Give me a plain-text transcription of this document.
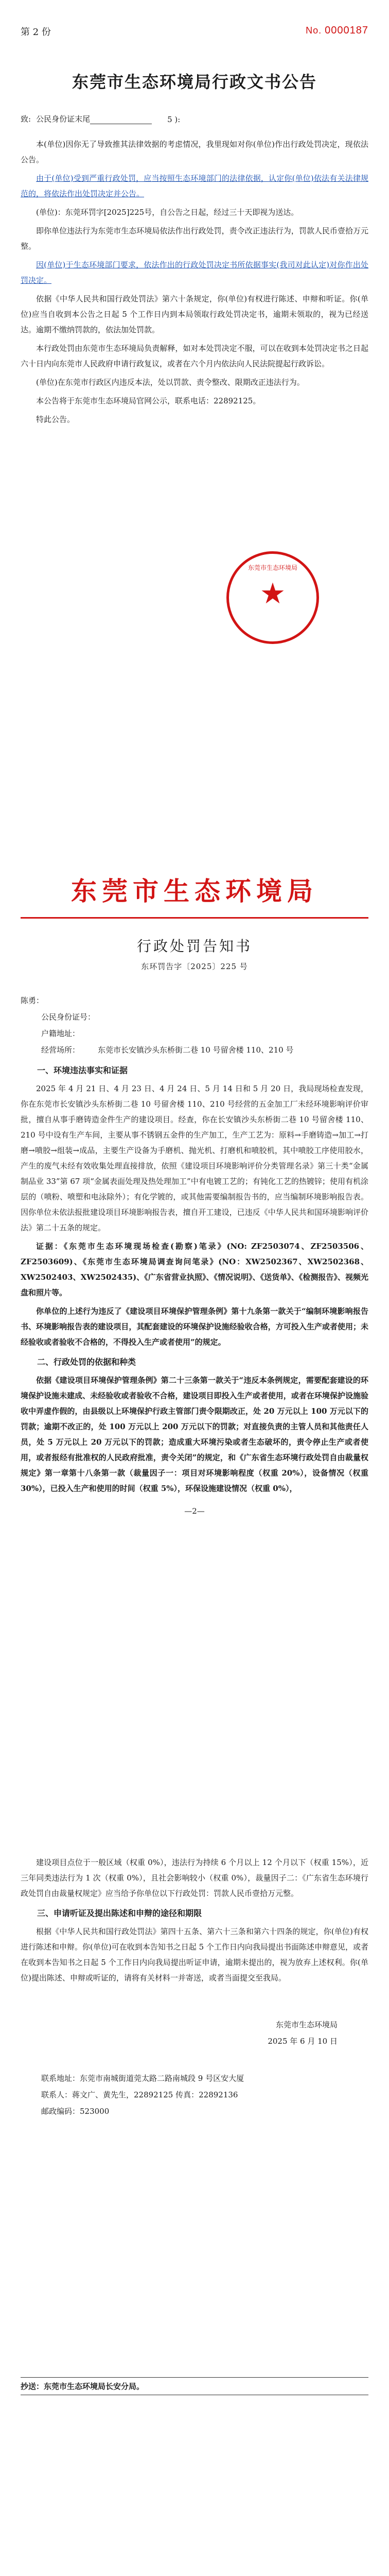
第 2 份	No. 0000187
东莞市生态环境局行政文书公告
致: 公民身份证末尾	5 ):

本(单位)因你无了导致推其法律效据的考虑情况，我里现如对你(单位)作出行政处罚决定，现依法公告。

由于(单位)受到严重行政处罚，应当按照生态环境部门的法律依据，认定你(单位)依法有关法律规范的，将依法作出处罚决定并公告。

(单位)：东莞环罚字[2025]225号，自公告之日起，经过三十天即视为送达。

即你单位违法行为东莞市生态环境局依法作出行政处罚，责令改正违法行为，罚款人民币壹拾万元整。

因(单位)于生态环境部门要求，依法作出的行政处罚决定书所依据事实(我司对此认定)对你作出处罚决定。

依据《中华人民共和国行政处罚法》第六十条规定，你(单位)有权进行陈述、申辩和听证。你(单位)应当自收到本公告之日起 5 个工作日内到本局领取行政处罚决定书，逾期未领取的，视为已经送达。逾期不缴纳罚款的，依法加处罚款。

本行政处罚由东莞市生态环境局负责解释，如对本处罚决定不服，可以在收到本处罚决定书之日起六十日内向东莞市人民政府申请行政复议，或者在六个月内依法向人民法院提起行政诉讼。

(单位)在东莞市行政区内违反本法，处以罚款、责令整改、限期改正违法行为。

本公告将于东莞市生态环境局官网公示，联系电话：22892125。

特此公告。

东莞市生态环境局
★
东莞市生态环境局
行政处罚告知书
东环罚告字〔2025〕225 号
陈勇：
公民身份证号：
户籍地址：
经营场所：	东莞市长安镇沙头东桥街二巷 10 号留舍楼 110、210 号
一、环境违法事实和证据

2025 年 4 月 21 日、4 月 23 日、4 月 24 日、5 月 14 日和 5 月 20 日，我局现场检查发现，你在东莞市长安镇沙头东桥街二巷 10 号留舍楼 110、210 号经营的五金加工厂未经环境影响评价审批，擅自从事手磨铸造金件生产的建设项目。经查，你在长安镇沙头东桥街二巷 10 号留舍楼 110、210 号中设有生产车间，主要从事不锈钢五金件的生产加工，生产工艺为：原料→手磨铸造→加工→打磨→喷胶→组装→成品，主要生产设备为手磨机、抛光机、打磨机和喷胶机，其中喷胶工序使用胶水，产生的废气未经有效收集处理直接排放，依照《建设项目环境影响评价分类管理名录》第三十类“金属制品业 33”第 67 项“金属表面处理及热处理加工”中有电镀工艺的；有钝化工艺的热镀锌；使用有机涂层的（喷粉、喷塑和电泳除外）；有化学镀的，或其他需要编制报告书的，应当编制环境影响报告表。因你单位未依法报批建设项目环境影响报告表，擅自开工建设，已违反《中华人民共和国环境影响评价法》第二十五条的规定。

证据：《东莞市生态环境现场检查(勘察)笔录》(NO: ZF2503074、ZF2503506、ZF2503609)、《东莞市生态环境局调查询问笔录》(NO：XW2502367、XW2502368、XW2502403、XW2502435)、《广东省营业执照》、《情况说明》、《送货单》、《检测报告》、视频光盘和照片等。

你单位的上述行为违反了《建设项目环境保护管理条例》第十九条第一款关于“编制环境影响报告书、环境影响报告表的建设项目，其配套建设的环境保护设施经验收合格，方可投入生产或者使用；未经验收或者验收不合格的，不得投入生产或者使用”的规定。

二、行政处罚的依据和种类

依据《建设项目环境保护管理条例》第二十三条第一款关于“违反本条例规定，需要配套建设的环境保护设施未建成、未经验收或者验收不合格，建设项目即投入生产或者使用，或者在环境保护设施验收中弄虚作假的，由县级以上环境保护行政主管部门责令限期改正，处 20 万元以上 100 万元以下的罚款；逾期不改正的，处 100 万元以上 200 万元以下的罚款；对直接负责的主管人员和其他责任人员，处 5 万元以上 20 万元以下的罚款；造成重大环境污染或者生态破坏的，责令停止生产或者使用，或者报经有批准权的人民政府批准，责令关闭”的规定，和《广东省生态环境行政处罚自由裁量权规定》第一章第十八条第一款（裁量因子一：项目对环境影响程度（权重 20%），设备情况（权重 30%），已投入生产和使用的时间（权重 5%），环保设施建设情况（权重 0%），

—2—

建设项目点位于一般区域（权重 0%），违法行为持续 6 个月以上 12 个月以下（权重 15%），近三年同类违法行为 1 次（权重 0%），且社会影响较小（权重 0%），裁量因子二：《广东省生态环境行政处罚自由裁量权规定》应当给予你单位以下行政处罚：罚款人民币壹拾万元整。

三、申请听证及提出陈述和申辩的途径和期限

根据《中华人民共和国行政处罚法》第四十五条、第六十三条和第六十四条的规定，你(单位)有权进行陈述和申辩。你(单位)可在收到本告知书之日起 5 个工作日内向我局提出书面陈述申辩意见，或者在收到本告知书之日起 5 个工作日内向我局提出听证申请，逾期未提出的，视为放弃上述权利。你(单位)提出陈述、申辩或听证的，请将有关材料一并寄送，或者当面提交至我局。

东莞市生态环境局
2025 年 6 月 10 日
联系地址：东莞市南城街道莞太路二路南城段 9 号区安大厦
联系人：蒋文广、黄先生，22892125 传真：22892136
邮政编码：523000
抄送：东莞市生态环境局长安分局。
